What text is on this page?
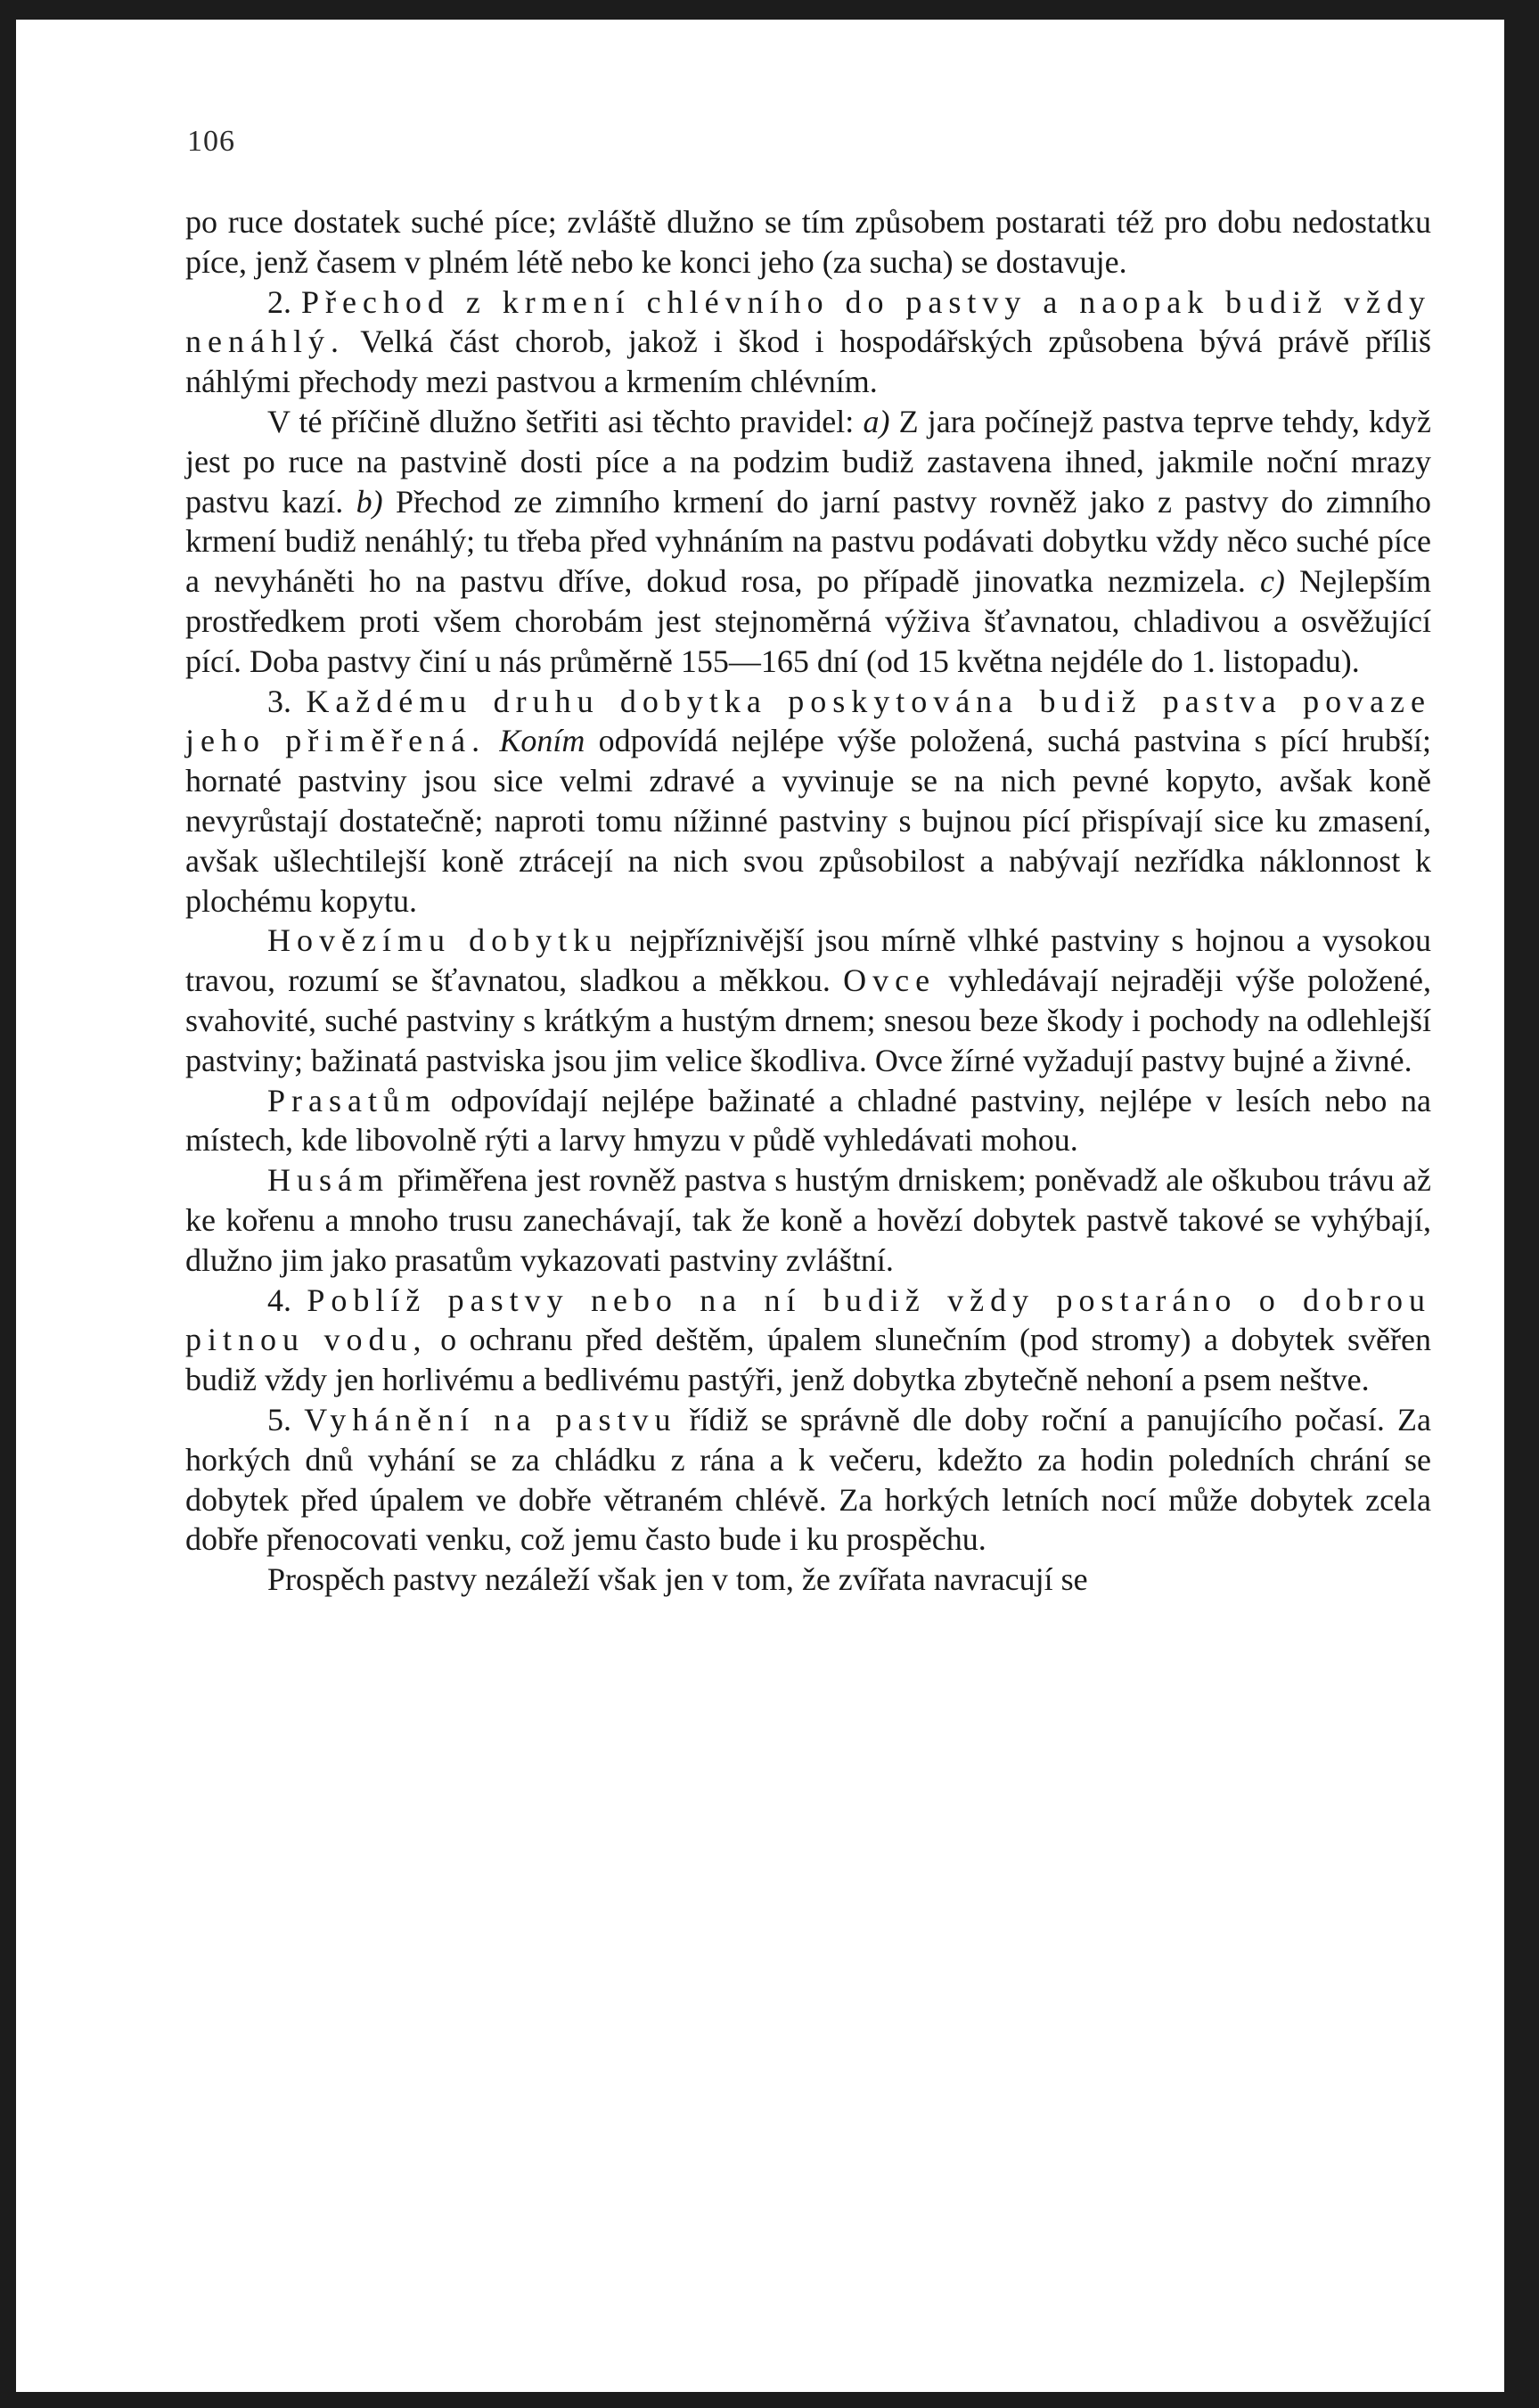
106

po ruce dostatek suché píce; zvláště dlužno se tím způsobem postarati též pro dobu nedostatku píce, jenž časem v plném létě nebo ke konci jeho (za sucha) se dostavuje.

2. Přechod z krmení chlévního do pastvy a naopak budiž vždy nenáhlý. Velká část chorob, jakož i škod i hospodářských způsobena bývá právě příliš náhlými přechody mezi pastvou a krmením chlévním.

V té příčině dlužno šetřiti asi těchto pravidel: a) Z jara počínejž pastva teprve tehdy, když jest po ruce na pastvině dosti píce a na podzim budiž zastavena ihned, jakmile noční mrazy pastvu kazí. b) Přechod ze zimního krmení do jarní pastvy rovněž jako z pastvy do zimního krmení budiž nenáhlý; tu třeba před vyhnáním na pastvu podávati dobytku vždy něco suché píce a nevyháněti ho na pastvu dříve, dokud rosa, po případě jinovatka nezmizela. c) Nejlepším prostředkem proti všem chorobám jest stejnoměrná výživa šťavnatou, chladivou a osvěžující pící. Doba pastvy činí u nás průměrně 155—165 dní (od 15 května nejdéle do 1. listopadu).

3. Každému druhu dobytka poskytována budiž pastva povaze jeho přiměřená. Koním odpovídá nejlépe výše položená, suchá pastvina s pící hrubší; hornaté pastviny jsou sice velmi zdravé a vyvinuje se na nich pevné kopyto, avšak koně nevyrůstají dostatečně; naproti tomu nížinné pastviny s bujnou pící přispívají sice ku zmasení, avšak ušlechtilejší koně ztrácejí na nich svou způsobilost a nabývají nezřídka náklonnost k plochému kopytu.

Hovězímu dobytku nejpříznivější jsou mírně vlhké pastviny s hojnou a vysokou travou, rozumí se šťavnatou, sladkou a měkkou. Ovce vyhledávají nejraději výše položené, svahovité, suché pastviny s krátkým a hustým drnem; snesou beze škody i pochody na odlehlejší pastviny; bažinatá pastviska jsou jim velice škodliva. Ovce žírné vyžadují pastvy bujné a živné.

Prasatům odpovídají nejlépe bažinaté a chladné pastviny, nejlépe v lesích nebo na místech, kde libovolně rýti a larvy hmyzu v půdě vyhledávati mohou.

Husám přiměřena jest rovněž pastva s hustým drniskem; poněvadž ale oškubou trávu až ke kořenu a mnoho trusu zanechávají, tak že koně a hovězí dobytek pastvě takové se vyhýbají, dlužno jim jako prasatům vykazovati pastviny zvláštní.

4. Poblíž pastvy nebo na ní budiž vždy postaráno o dobrou pitnou vodu, o ochranu před deštěm, úpalem slunečním (pod stromy) a dobytek svěřen budiž vždy jen horlivému a bedlivému pastýři, jenž dobytka zbytečně nehoní a psem neštve.

5. Vyhánění na pastvu řídiž se správně dle doby roční a panujícího počasí. Za horkých dnů vyhání se za chládku z rána a k večeru, kdežto za hodin poledních chrání se dobytek před úpalem ve dobře větraném chlévě. Za horkých letních nocí může dobytek zcela dobře přenocovati venku, což jemu často bude i ku prospěchu.

Prospěch pastvy nezáleží však jen v tom, že zvířata navracují se
